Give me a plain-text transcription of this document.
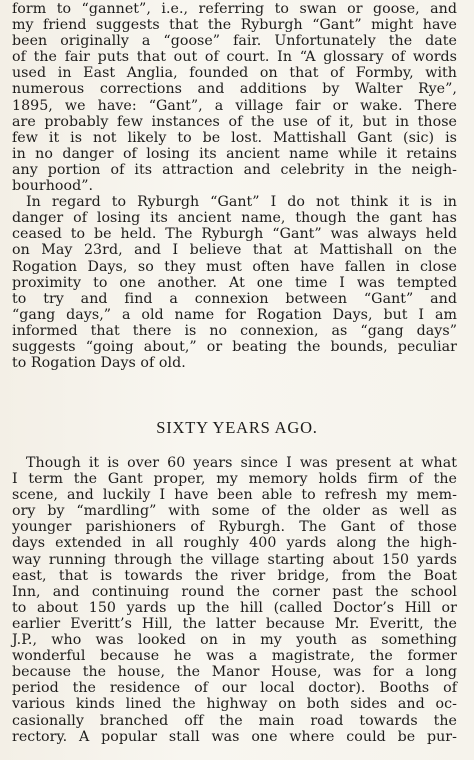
form to “gannet”, i.e., referring to swan or goose, and
my friend suggests that the Ryburgh “Gant” might have
been originally a “goose” fair. Unfortunately the date
of the fair puts that out of court. In “A glossary of words
used in East Anglia, founded on that of Formby, with
numerous corrections and additions by Walter Rye”,
1895, we have: “Gant”, a village fair or wake. There
are probably few instances of the use of it, but in those
few it is not likely to be lost. Mattishall Gant (sic) is
in no danger of losing its ancient name while it retains
any portion of its attraction and celebrity in the neigh-
bourhood”.
In regard to Ryburgh “Gant” I do not think it is in
danger of losing its ancient name, though the gant has
ceased to be held. The Ryburgh “Gant” was always held
on May 23rd, and I believe that at Mattishall on the
Rogation Days, so they must often have fallen in close
proximity to one another. At one time I was tempted
to try and find a connexion between “Gant” and
“gang days,” a old name for Rogation Days, but I am
informed that there is no connexion, as “gang days”
suggests “going about,” or beating the bounds, peculiar
to Rogation Days of old.
SIXTY YEARS AGO.
Though it is over 60 years since I was present at what
I term the Gant proper, my memory holds firm of the
scene, and luckily I have been able to refresh my mem-
ory by “mardling” with some of the older as well as
younger parishioners of Ryburgh. The Gant of those
days extended in all roughly 400 yards along the high-
way running through the village starting about 150 yards
east, that is towards the river bridge, from the Boat
Inn, and continuing round the corner past the school
to about 150 yards up the hill (called Doctor’s Hill or
earlier Everitt’s Hill, the latter because Mr. Everitt, the
J.P., who was looked on in my youth as something
wonderful because he was a magistrate, the former
because the house, the Manor House, was for a long
period the residence of our local doctor). Booths of
various kinds lined the highway on both sides and oc-
casionally branched off the main road towards the
rectory. A popular stall was one where could be pur-
